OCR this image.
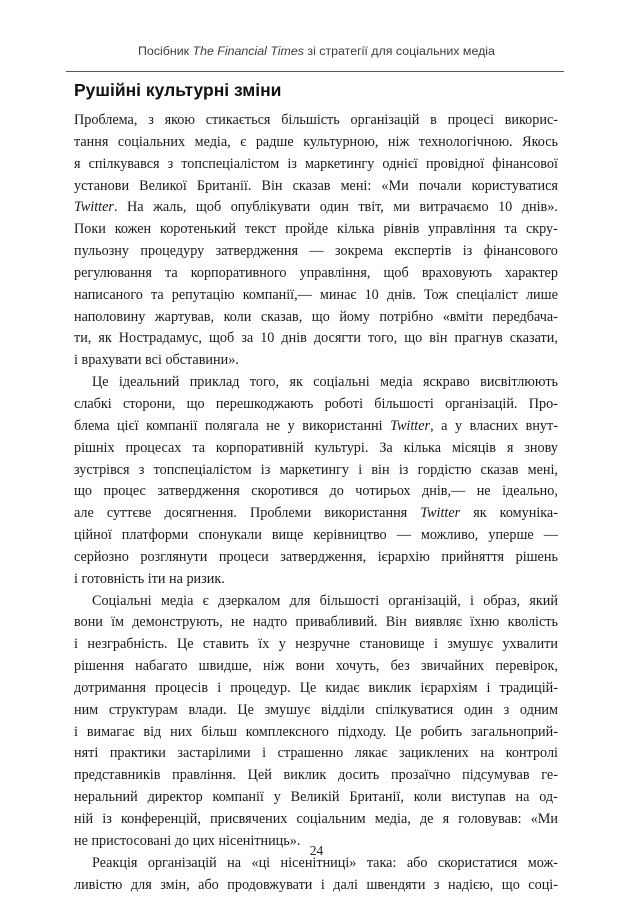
Посібник The Financial Times зі стратегії для соціальних медіа
Рушійні культурні зміни
Проблема, з якою стикається більшість організацій в процесі викорис-
тання соціальних медіа, є радше культурною, ніж технологічною. Якось
я спілкувався з топспеціалістом із маркетингу однієї провідної фінансової
установи Великої Британії. Він сказав мені: «Ми почали користуватися
Twitter. На жаль, щоб опублікувати один твіт, ми витрачаємо 10 днів».
Поки кожен коротенький текст пройде кілька рівнів управління та скру-
пульозну процедуру затвердження — зокрема експертів із фінансового
регулювання та корпоративного управління, щоб враховують характер
написаного та репутацію компанії,— минає 10 днів. Тож спеціаліст лише
наполовину жартував, коли сказав, що йому потрібно «вміти передбача-
ти, як Нострадамус, щоб за 10 днів досягти того, що він прагнув сказати,
і
врахувати
всі
обставини».
Це ідеальний приклад того, як соціальні медіа яскраво висвітлюють
слабкі сторони, що перешкоджають роботі більшості організацій. Про-
блема цієї компанії полягала не у використанні Twitter, а у власних внут-
рішніх процесах та корпоративній культурі. За кілька місяців я знову
зустрівся з топспеціалістом із маркетингу і він із гордістю сказав мені,
що процес затвердження скоротився до чотирьох днів,— не ідеально,
але суттєве досягнення. Проблеми використання Twitter як комуніка-
ційної платформи спонукали вище керівництво — можливо, уперше —
серйозно розглянути процеси затвердження, ієрархію прийняття рішень
і
готовність
іти
на
ризик.
Соціальні медіа є дзеркалом для більшості організацій, і образ, який
вони їм демонструють, не надто привабливий. Він виявляє їхню кволість
і незграбність. Це ставить їх у незручне становище і змушує ухвалити
рішення набагато швидше, ніж вони хочуть, без звичайних перевірок,
дотримання процесів і процедур. Це кидає виклик ієрархіям і традицій-
ним структурам влади. Це змушує відділи спілкуватися один з одним
і вимагає від них більш комплексного підходу. Це робить загальноприй-
няті практики застарілими і страшенно лякає зациклених на контролі
представників правління. Цей виклик досить прозаїчно підсумував ге-
неральний директор компанії у Великій Британії, коли виступав на од-
ній із конференцій, присвячених соціальним медіа, де я головував: «Ми
не
пристосовані
до
цих
нісенітниць».
Реакція організацій на «ці нісенітниці» така: або скористатися мож-
ливістю для змін, або продовжувати і далі швендяти з надією, що соці-
24
